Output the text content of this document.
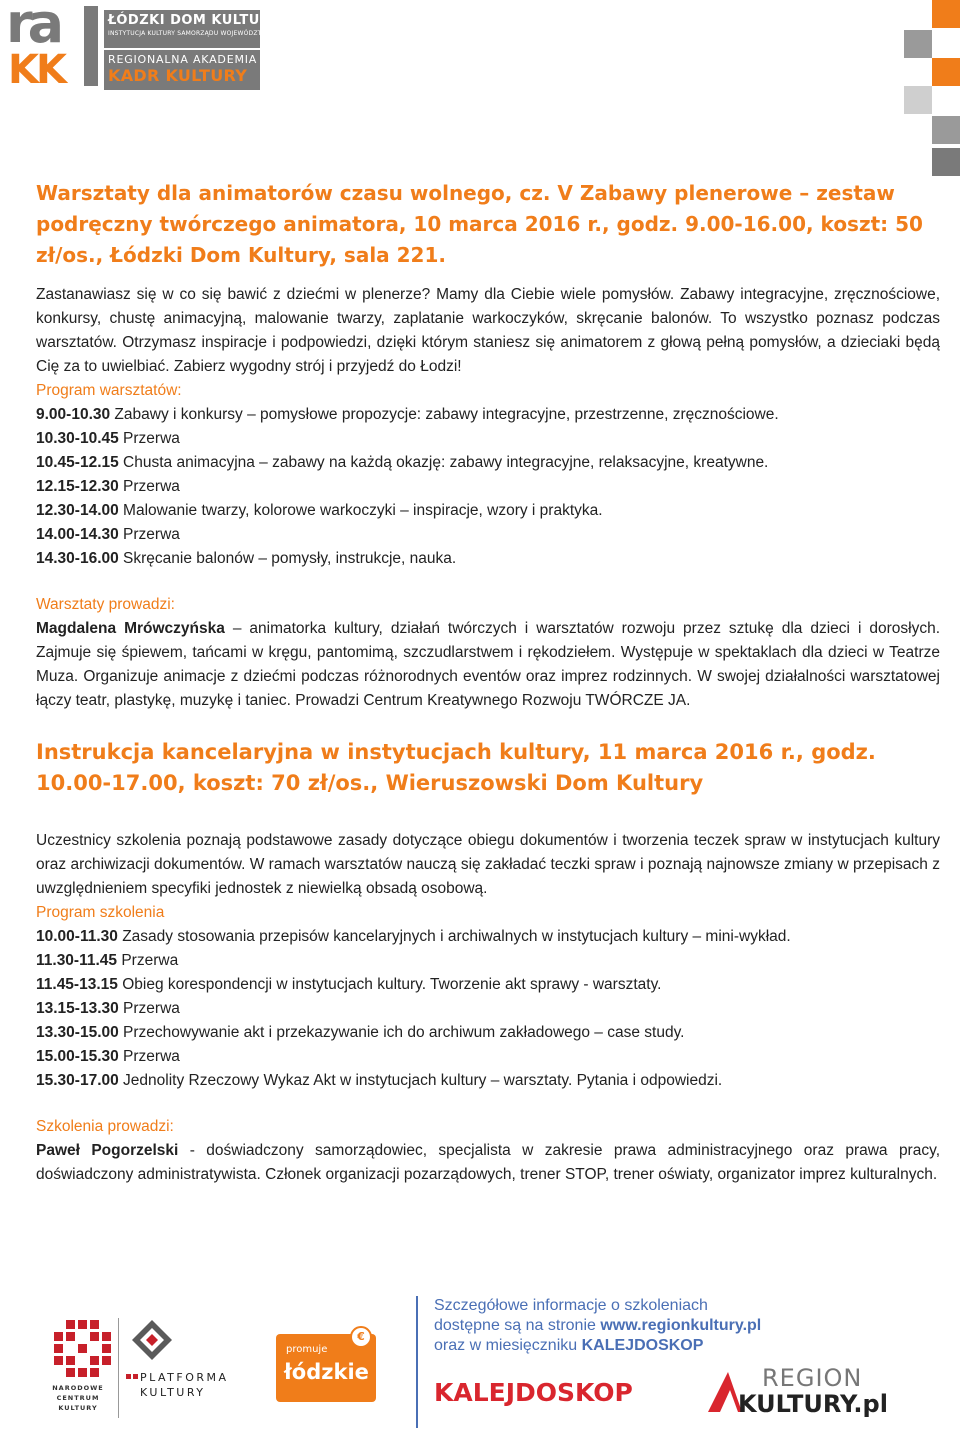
ra
KK
ŁÓDZKI DOM KULTURY
INSTYTUCJA KULTURY SAMORZĄDU WOJEWÓDZTWA ŁÓDZKIEGO
REGIONALNA AKADEMIA
KADR KULTURY
Warsztaty dla animatorów czasu wolnego, cz. V Zabawy plenerowe – zestaw podręczny twórczego animatora, 10 marca 2016 r., godz. 9.00-16.00, koszt: 50 zł/os., Łódzki Dom Kultury, sala 221.
Zastanawiasz się w co się bawić z dziećmi w plenerze? Mamy dla Ciebie wiele pomysłów. Zabawy integracyjne, zręcznościowe, konkursy, chustę animacyjną, malowanie twarzy, zaplatanie warkoczyków, skręcanie balonów. To wszystko poznasz podczas warsztatów. Otrzymasz inspiracje i podpowiedzi, dzięki którym staniesz się animatorem z głową pełną pomysłów, a dzieciaki będą Cię za to uwielbiać. Zabierz wygodny strój i przyjedź do Łodzi!
Program warsztatów:
9.00-10.30 Zabawy i konkursy – pomysłowe propozycje: zabawy integracyjne, przestrzenne, zręcznościowe.
10.30-10.45 Przerwa
10.45-12.15 Chusta animacyjna – zabawy na każdą okazję: zabawy integracyjne, relaksacyjne, kreatywne.
12.15-12.30 Przerwa
12.30-14.00 Malowanie twarzy, kolorowe warkoczyki – inspiracje, wzory i praktyka.
14.00-14.30 Przerwa
14.30-16.00 Skręcanie balonów – pomysły, instrukcje, nauka.
Warsztaty prowadzi:
Magdalena Mrówczyńska – animatorka kultury, działań twórczych i warsztatów rozwoju przez sztukę dla dzieci i dorosłych. Zajmuje się śpiewem, tańcami w kręgu, pantomimą, szczudlarstwem i rękodziełem. Występuje w spektaklach dla dzieci w Teatrze Muza. Organizuje animacje z dziećmi podczas różnorodnych eventów oraz imprez rodzinnych. W swojej działalności warsztatowej łączy teatr, plastykę, muzykę i taniec. Prowadzi Centrum Kreatywnego Rozwoju TWÓRCZE JA.
Instrukcja kancelaryjna w instytucjach kultury, 11 marca 2016 r., godz. 10.00-17.00, koszt: 70 zł/os., Wieruszowski Dom Kultury
Uczestnicy szkolenia poznają podstawowe zasady dotyczące obiegu dokumentów i tworzenia teczek spraw w instytucjach kultury oraz archiwizacji dokumentów. W ramach warsztatów nauczą się zakładać teczki spraw i poznają najnowsze zmiany w przepisach z uwzględnieniem specyfiki jednostek z niewielką obsadą osobową.
Program szkolenia
10.00-11.30 Zasady stosowania przepisów kancelaryjnych i archiwalnych w instytucjach kultury – mini-wykład.
11.30-11.45 Przerwa
11.45-13.15 Obieg korespondencji w instytucjach kultury. Tworzenie akt sprawy - warsztaty.
13.15-13.30 Przerwa
13.30-15.00 Przechowywanie akt i przekazywanie ich do archiwum zakładowego – case study.
15.00-15.30 Przerwa
15.30-17.00 Jednolity Rzeczowy Wykaz Akt w instytucjach kultury – warsztaty. Pytania i odpowiedzi.
Szkolenia prowadzi:
Paweł Pogorzelski - doświadczony samorządowiec, specjalista w zakresie prawa administracyjnego oraz prawa pracy, doświadczony administratywista. Członek organizacji pozarządowych, trener STOP, trener oświaty, organizator imprez kulturalnych.
NARODOWE CENTRUM KULTURY
PLATFORMA
KULTURY
€
promuje
łódzkie
Szczegółowe informacje o szkoleniach
dostępne są na stronie www.regionkultury.pl
oraz w miesięczniku KALEJDOSKOP
KALEJDOSKOP	REGION
KULTURY.pl
